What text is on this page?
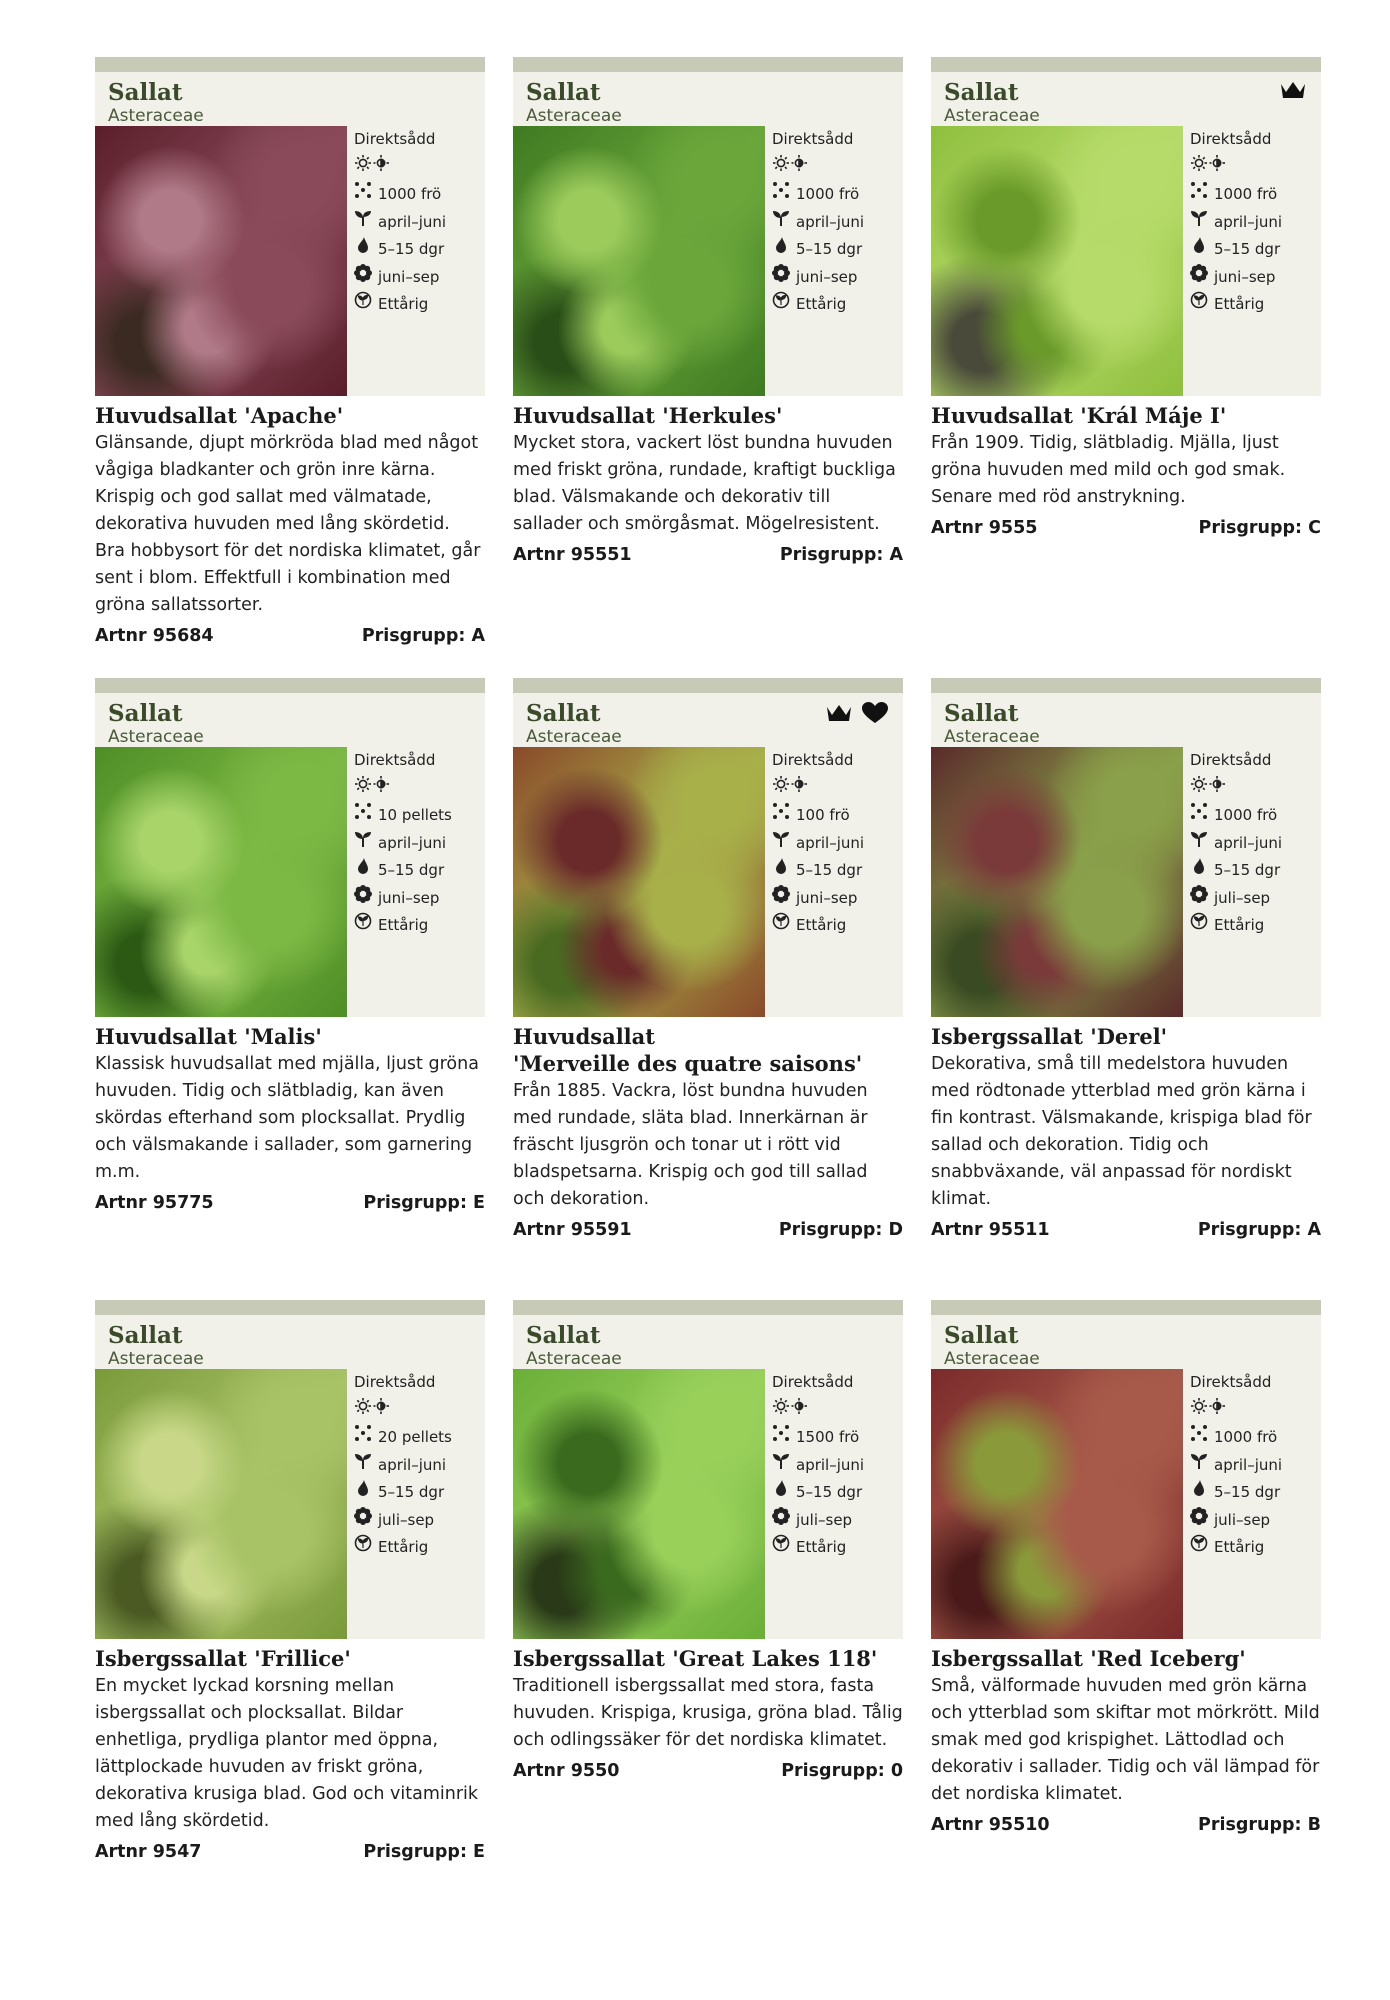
Sallat
Asteraceae
Direktsådd
1000 frö
april–juni
5–15 dgr
juni–sep
Ettårig
Huvudsallat 'Apache'
Glänsande, djupt mörkröda blad med något vågiga bladkanter och grön inre kärna. Krispig och god sallat med välmatade, dekorativa huvuden med lång skördetid. Bra hobbysort för det nordiska klimatet, går sent i blom. Effektfull i kombination med gröna sallatssorter.
Artnr 95684	Prisgrupp: A
Sallat
Asteraceae
Direktsådd
1000 frö
april–juni
5–15 dgr
juni–sep
Ettårig
Huvudsallat 'Herkules'
Mycket stora, vackert löst bundna huvuden med friskt gröna, rundade, kraftigt buckliga blad. Välsmakande och dekorativ till sallader och smörgåsmat. Mögelresistent.
Artnr 95551	Prisgrupp: A
Sallat
Asteraceae
Direktsådd
1000 frö
april–juni
5–15 dgr
juni–sep
Ettårig
Huvudsallat 'Král Máje I'
Från 1909. Tidig, slätbladig. Mjälla, ljust gröna huvuden med mild och god smak. Senare med röd anstrykning.
Artnr 9555	Prisgrupp: C
Sallat
Asteraceae
Direktsådd
10 pellets
april–juni
5–15 dgr
juni–sep
Ettårig
Huvudsallat 'Malis'
Klassisk huvudsallat med mjälla, ljust gröna huvuden. Tidig och slätbladig, kan även skördas efterhand som plocksallat. Prydlig och välsmakande i sallader, som garnering m.m.
Artnr 95775	Prisgrupp: E
Sallat
Asteraceae
Direktsådd
100 frö
april–juni
5–15 dgr
juni–sep
Ettårig
Huvudsallat
'Merveille des quatre saisons'
Från 1885. Vackra, löst bundna huvuden med rundade, släta blad. Innerkärnan är fräscht ljusgrön och tonar ut i rött vid bladspetsarna. Krispig och god till sallad och dekoration.
Artnr 95591	Prisgrupp: D
Sallat
Asteraceae
Direktsådd
1000 frö
april–juni
5–15 dgr
juli–sep
Ettårig
Isbergssallat 'Derel'
Dekorativa, små till medelstora huvuden med rödtonade ytterblad med grön kärna i fin kontrast. Välsmakande, krispiga blad för sallad och dekoration. Tidig och snabbväxande, väl anpassad för nordiskt klimat.
Artnr 95511	Prisgrupp: A
Sallat
Asteraceae
Direktsådd
20 pellets
april–juni
5–15 dgr
juli–sep
Ettårig
Isbergssallat 'Frillice'
En mycket lyckad korsning mellan isbergssallat och plocksallat. Bildar enhetliga, prydliga plantor med öppna, lättplockade huvuden av friskt gröna, dekorativa krusiga blad. God och vitaminrik med lång skördetid.
Artnr 9547	Prisgrupp: E
Sallat
Asteraceae
Direktsådd
1500 frö
april–juni
5–15 dgr
juli–sep
Ettårig
Isbergssallat 'Great Lakes 118'
Traditionell isbergssallat med stora, fasta huvuden. Krispiga, krusiga, gröna blad. Tålig och odlingssäker för det nordiska klimatet.
Artnr 9550	Prisgrupp: 0
Sallat
Asteraceae
Direktsådd
1000 frö
april–juni
5–15 dgr
juli–sep
Ettårig
Isbergssallat 'Red Iceberg'
Små, välformade huvuden med grön kärna och ytterblad som skiftar mot mörkrött. Mild smak med god krispighet. Lättodlad och dekorativ i sallader. Tidig och väl lämpad för det nordiska klimatet.
Artnr 95510	Prisgrupp: B
